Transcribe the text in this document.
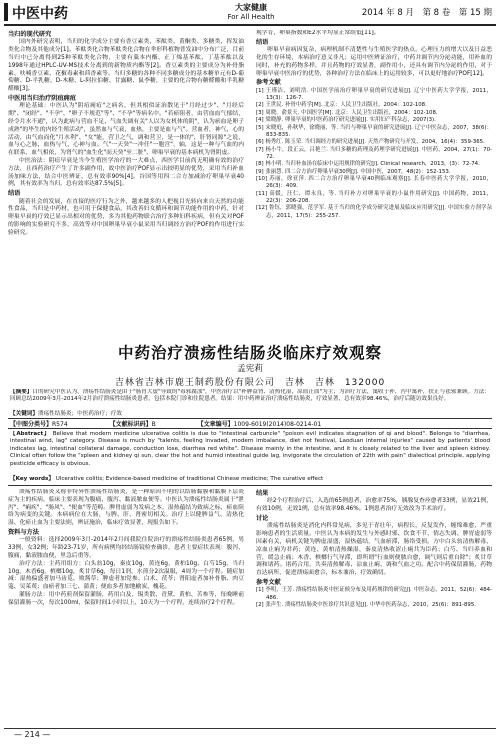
中医中药	大家健康
For All Health	2014 年 8 月　第 8 卷　第 15 期
当归的现代研究

国内外研究表明，当归的化学成分主要有香豆素类、苯酞类、黄酮类、多糖类，挥发油类化合物及其他成分[1]。苯酞类化合物苯酞类化合物在伞形科植物普发油中分布广泛，目前当归中已分离得到25种苯酞类化合物，主要有藁本内酯、正丁烯基苯酞、丁基苯酞以及1998年通过HPLC-UV-MS技术分离到的新物质内酯等[2]。香豆素类的主要成分为补骨脂素、呋喃香豆素、花椒毒素和茴香素等。当归多糖的各种不同多糖成分的基本糖单元有D-葡萄糖、D-半乳糖、D-木糖、L-阿拉伯糖、甘露糖、鼠李糖，主要的化合物有糖醛酸和半乳糖醛酸[3]。

中医用当归治疗阴疽痈疽

理论基础：中医认为"阴疽痈疽"之病名，但其相似证治散见于"月经过少"、"月经后期"、"闭经"、"不孕"、"卵子不规范"等"、"不孕"等病名中。"若瘀阻者，由营血血气郁结，经令月水不通"，认为此病与营血不足、气血失调有关"人以为女机体的阴"，认为瘀血是卵子成熟"的毕生的内经生殖活动"，虽然血与气衰，血热，主要是血与气"。营血者，神气，心的活动，由气血而化"月水利"、"女"能，营卫之气，调和营卫，是一体的"，肝肾同源"之说，血与心之脉，血热与气，心神与血。气"一天癸"一冲任"一胞宫"，轴，这是一种与气血的内在联系，血气相依，为肾气的"血生化"而天癸"至二脏"，卵巢早衰的基本病机为肾阴虚。

中医治法：阴疽早衰是当今生殖医学治疗的一大难点，西医学目前尚无明确有效的治疗方法，且西药治疗产生了许多副作用，故中医治疗POF显示出较明显的优势，采用当归补血汤加味方法，结合中医辨证，总有效率90%[4]。谷国等用四二合方加减治疗卵巢早衰40例，其有效率为当归，总有效率达87.5%[5]。

结语

随着社会的发展，在直接的医疗行为之外，越来越多的人把视目光转向来自天然的功能性食品，当归是中药材，也可用于保健食品，其改善妇女循环和调节功能作用的中药，针对卵巢早衰的疗效已显示出相对的优势，多为其他药物联合治疗多种妇科疾病，但有关对POF的影响的实验研究不多，高效等对中国卵巢早衰小鼠采用当归调经方治疗POF的作用进行实验研究。

观学育，卵巢指数和E2水平均显正常组低[11]。

结语

卵巢早衰病因复杂，病理机制不清楚性与生殖医学的热点，心理压力的增大以及日益恶化的生存环境，本病治疗意义非凡；运用中医辨证治疗，中药并调节内分泌功能，用补血的同时，补充的药物多样，并且药物的疗效显著，副作用小，还具有调节内分泌的作用，对于卵巢早衰中医治疗的优势，各种治疗方法在临床上的运用较多，可以更好地治疗POF[12]。

参考文献
[1] 王瑾洁，刘明浩. 中国医学前治疗卵巢早衰的研究进展[J]. 辽宁中医药大学学报，2011，13(3)：126-7.
[2] 王世民. 补骨中药学[M]. 北京：人民卫生出版社，2004：102-108.
[3] 周晓，俞景天. 中国医学[M]. 北京：人民卫生出版社，2004：102-108.
[4] 梁晓静. 卵巢早衰的中医药治疗研究进展[J]. 实用妇产科杂志，2007(3).
[5] 宋晓庭，孙秋华，徐晓丽，等. 当归与卵巢早衰的研究进展[J]. 辽宁中医杂志，2007，38(6)：833-835.
[6] 杨秀红. 陈玉荣. 当归调经方的研究进展[J]. 天然产物研究与开发，2004，16(4)：359-365.
[7] 杨小牛，段正云，吕艳兰. 当归多糖的药理及药理学研究进展[J]. 中医药，2004，27(1)：70-72.
[8] 林小明. 当归补血汤在临床中运用规律的研究[J]. Clinical research，2013，(3)：72-74.
[9] 张丽慧. 四二合方治疗卵巢早衰30例[J]. 中国中医，2007，48(2)：152-153.
[10] 苏丽，徐亚萍. 四二合方治疗卵巢早衰40例临床观察[J]. 长春中医药大学学报，2010，26(3)：409.
[11] 高媛，汪仁，谭永良，等. 当归补方对卵巢早衰的小鼠作用研究[J]. 中国药物，2011，22(3)：206-208.
[12] 鲁钰，郭晓强，范学军. 基于当归的化学成分研究进展及临床应用研究[J]. 中国实验方剂学杂志，2011，17(5)：255-257.
中药治疗溃疡性结肠炎临床疗效观察
孟宪莉
吉林省吉林市鹿王制药股份有限公司　吉林　吉林　132000
【摘要】目的研究中医认为，溃疡性结肠炎是由于"肠胃大虚"导致的"毒邪腐浊"，中医治疗以"补脾益肾、清热化湿，凉血止血"为主；为治疗方法，寓收于补，泻中寓补，扶正与祛邪兼顾。方法：回顾总结2009年3月-2014年2月治疗溃疡性结肠炎患者，包括本院门诊和住院患者。结果：用中药辨证治疗溃疡性结肠炎，疗效显著，总有效率98.46%，治疗后随访效果良好。
【关键词】溃疡性结肠炎；中医药治疗；疗效
【中图分类号】R574	【文献标识码】B	【文章编号】1009-6019(2014)08-0214-01
【Abstract】 Believe that modern medicine ulcerative colitis is due to "intestinal carbuncle" "poison evil indicates stagnation of qi and blood". Belongs to "diarrhea, intestinal wind, lag" category. Disease is much by "talents, feeling invaded, modern imbalance, diet not festival, Laoduan internal injuries" caused by patients' blood indicates lag, intestinal collateral damage, conduction lose, diarrhea red white". Disease mainly in the intestine, and it is closely related to the liver and spleen kidney. Clinical often follow the "spleen and kidney qi sun, clear the hot and humid intestinal guide lag, invigorate the circulation of 22th with pain" dialectical principle, applying pesticide efficacy is obvious.
【Key words】 Ulcerative colitis; Evidence-based medicine of traditional Chinese medicine; The curative effect

溃疡性结肠炎又称非特异性溃疡性结肠炎，是一种原因不明的以结肠黏膜和黏膜下层炎症为主的疾病，临床主要表现为腹痛、腹泻、黏液脓血便等。中医认为溃疡性结肠炎属于"泄泻"、"痢疾"、"肠风"、"便血"等范畴。脾胃虚弱为发病之本，湿热蕴结为致病之标，瘀血阻络为病变的关键。本病病位在大肠，与脾、肝、肾密切相关。治疗上以健脾益气、清热化湿、化瘀止血为主要法则，辨证施治，临床疗效显著，现报告如下。

资料与方法

一般资料：选择2009年3月-2014年2月间我院住院治疗的溃疡性结肠炎患者65例，男33例，女32例；年龄23-71岁，所有病例均经结肠镜检查确诊，患者主要症状表现：腹泻，腹痛，黏液脓血便，里急后重等。

治疗方法：主药用组方：白头翁10g，秦皮10g，黄连6g，黄柏10g，白芍15g，当归10g，木香6g，槟榔10g，炙甘草6g，每日1剂，水煎分2次温服，4周为一个疗程。随症加减：湿热偏盛者加马齿苋、败酱草；脾虚者加党参、白术、茯苓；肾阳虚者加补骨脂、肉豆蔻、吴茱萸；血瘀者加三七、蒲黄；便血多者加地榆炭、槐花。

灌肠方法：用中药煎剂保留灌肠，药用白及、锡类散、青黛、黄柏、苦参等，每晚睡前保留灌肠一次，每次100ml，保留时间1小时以上，10天为一个疗程，连续治疗2个疗程。

结果

经2个疗程治疗后，入选的65例患者，治愈率75%，胰腺复查痊愈者33例，显效21例，有效10例，无效1例，总有效率98.46%。1例患者治疗无效改为手术治疗。

讨论

溃疡性结肠炎是消化内科常见病，多见于青壮年，病程长，反复发作，缠绵难愈，严重影响患者的生活质量。中医认为本病的发生与外感时邪、饮食不节、情志失调、脾胃虚弱等因素有关，病机关键为脾虚湿盛，湿热蕴结，气血瘀滞，肠络受损。方中白头翁清热解毒，凉血止痢为君药；黄连、黄柏清热燥湿，秦皮清热收涩止痢共为臣药；白芍、当归养血和营，缓急止痛；木香、槟榔行气导滞，即所谓"行血则便脓自愈，调气则后重自除"；炙甘草调和诸药。诸药合用，共奏清热解毒、凉血止痢、调和气血之功。配合中药保留灌肠，药物直达病所，促进溃疡面愈合，标本兼治，疗效确切。

参考文献
[1] 李明，王芳. 溃疡性结肠炎中医证候分布及用药规律的研究[J]. 中医杂志，2011，52(6)：484-486.
[2] 张声生. 溃疡性结肠炎中医诊疗共识意见[J]. 中华中医药杂志，2010，25(6)：891-895.
— 214 —
